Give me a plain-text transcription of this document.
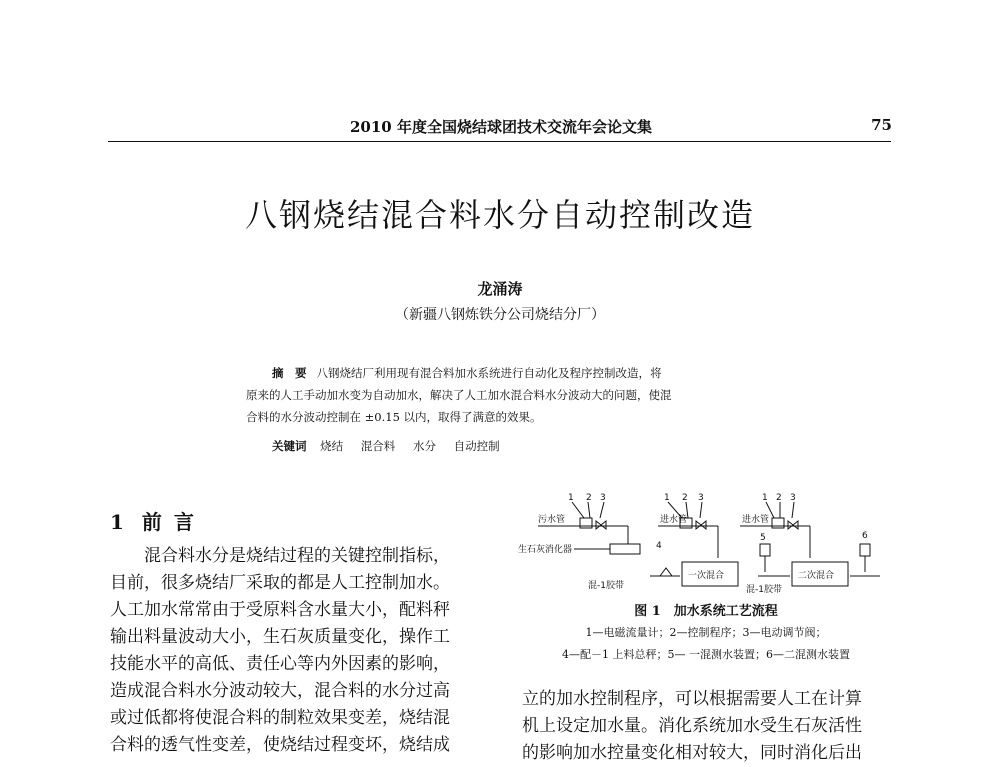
2010 年度全国烧结球团技术交流年会论文集	75
八钢烧结混合料水分自动控制改造
龙涌涛
（新疆八钢炼铁分公司烧结分厂）
摘　要 八钢烧结厂利用现有混合料加水系统进行自动化及程序控制改造，将
原来的人工手动加水变为自动加水，解决了人工加水混合料水分波动大的问题，使混
合料的水分波动控制在 ±0.15 以内，取得了满意的效果。
关键词 烧结 混合料 水分 自动控制
1 前言

混合料水分是烧结过程的关键控制指标，

目前，很多烧结厂采取的都是人工控制加水。
人工加水常常由于受原料含水量大小，配料秤
输出料量波动大小，生石灰质量变化，操作工
技能水平的高低、责任心等内外因素的影响，
造成混合料水分波动较大，混合料的水分过高
或过低都将使混合料的制粒效果变差，烧结混
合料的透气性变差，使烧结过程变坏，烧结成
污水管	进水管	进水管
生石灰消化器
混-1胶带	混-1胶带
一次混合	二次混合
1 2 3	1 2 3	1 2 3
4
5	6
图 1　加水系统工艺流程
1—电磁流量计；2—控制程序；3—电动调节阀；
4—配－1 上料总秤；5— 一混测水装置；6—二混测水装置
立的加水控制程序，可以根据需要人工在计算
机上设定加水量。消化系统加水受生石灰活性
的影响加水控量变化相对较大，同时消化后出
